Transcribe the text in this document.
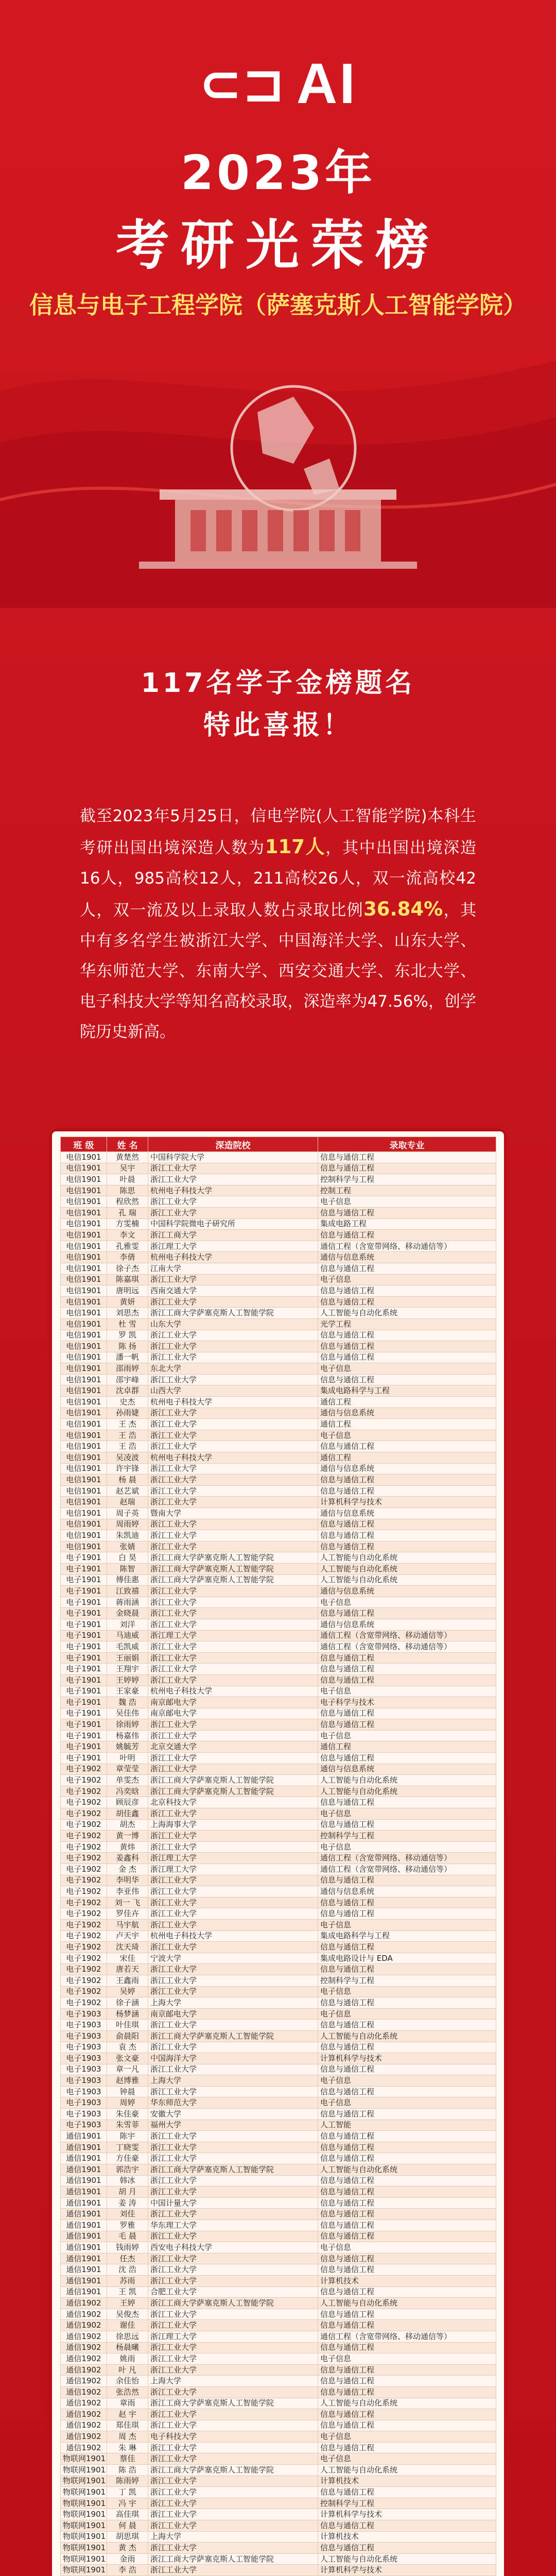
⊂⊐ AI
2023年
考研光荣榜
信息与电子工程学院（萨塞克斯人工智能学院）
117名学子金榜题名
特此喜报！
截至2023年5月25日，信电学院(人工智能学院)本科生考研出国出境深造人数为117人，其中出国出境深造16人，985高校12人，211高校26人，双一流高校42人，双一流及以上录取人数占录取比例36.84%，其中有多名学生被浙江大学、中国海洋大学、山东大学、华东师范大学、东南大学、西安交通大学、东北大学、电子科技大学等知名高校录取，深造率为47.56%，创学院历史新高。
班 级	姓 名	深造院校	录取专业
电信1901	黄楚然	中国科学院大学	信息与通信工程
电信1901	吴宇	浙江工业大学	信息与通信工程
电信1901	叶晨	浙江工业大学	控制科学与工程
电信1901	陈思	杭州电子科技大学	控制工程
电信1901	程欣然	浙江工业大学	电子信息
电信1901	孔 瑞	浙江工业大学	信息与通信工程
电信1901	方雯楠	中国科学院微电子研究所	集成电路工程
电信1901	李文	浙江工商大学	信息与通信工程
电信1901	孔雅雯	浙江理工大学	通信工程（含宽带网络、移动通信等）
电信1901	李倩	杭州电子科技大学	通信与信息系统
电信1901	徐子杰	江南大学	信息与通信工程
电信1901	陈嘉琪	浙江工业大学	电子信息
电信1901	唐明远	西南交通大学	信息与通信工程
电信1901	黄妍	浙江工业大学	信息与通信工程
电信1901	刘思杰	浙江工商大学萨塞克斯人工智能学院	人工智能与自动化系统
电信1901	杜 雪	山东大学	光学工程
电信1901	罗 凯	浙江工业大学	信息与通信工程
电信1901	陈 扬	浙江工业大学	信息与通信工程
电信1901	潘一帆	浙江工业大学	信息与通信工程
电信1901	邵雨婷	东北大学	电子信息
电信1901	邵宇峰	浙江工业大学	信息与通信工程
电信1901	沈卓群	山西大学	集成电路科学与工程
电信1901	史杰	杭州电子科技大学	通信工程
电信1901	孙雨婕	浙江工业大学	通信与信息系统
电信1901	王 杰	浙江工业大学	通信工程
电信1901	王 浩	浙江工业大学	电子信息
电信1901	王 浩	浙江工业大学	信息与通信工程
电信1901	吴凌波	杭州电子科技大学	通信工程
电信1901	许宇锋	浙江工业大学	通信与信息系统
电信1901	杨 晨	浙江工业大学	信息与通信工程
电信1901	赵艺斌	浙江工业大学	信息与通信工程
电信1901	赵瑞	浙江工业大学	计算机科学与技术
电信1901	周子英	暨南大学	通信与信息系统
电信1901	周雨婷	浙江工业大学	信息与通信工程
电信1901	朱凯迪	浙江工业大学	信息与通信工程
电信1901	张婧	浙江工业大学	信息与通信工程
电子1901	白 昊	浙江工商大学萨塞克斯人工智能学院	人工智能与自动化系统
电子1901	陈智	浙江工商大学萨塞克斯人工智能学院	人工智能与自动化系统
电子1901	傅佳惠	浙江工商大学萨塞克斯人工智能学院	人工智能与自动化系统
电子1901	江致禧	浙江工业大学	通信与信息系统
电子1901	蒋雨涵	浙江工业大学	电子信息
电子1901	金晓晨	浙江工业大学	信息与通信工程
电子1901	刘洋	浙江工业大学	通信与信息系统
电子1901	马迪威	浙江理工大学	通信工程（含宽带网络、移动通信等）
电子1901	毛凯威	浙江工业大学	通信工程（含宽带网络、移动通信等）
电子1901	王丽娟	浙江工业大学	信息与通信工程
电子1901	王翔宇	浙江工业大学	信息与通信工程
电子1901	王婷婷	浙江工业大学	信息与通信工程
电子1901	王家豪	杭州电子科技大学	电子信息
电子1901	魏 浩	南京邮电大学	电子科学与技术
电子1901	吴佳伟	南京邮电大学	信息与通信工程
电子1901	徐雨婷	浙江工业大学	信息与通信工程
电子1901	杨嘉伟	浙江工业大学	电子信息
电子1901	姚毓芳	北京交通大学	通信工程
电子1901	叶明	浙江工业大学	信息与通信工程
电子1902	章莹莹	浙江工业大学	通信与信息系统
电子1902	单雯杰	浙江工商大学萨塞克斯人工智能学院	人工智能与自动化系统
电子1902	冯奕晗	浙江工商大学萨塞克斯人工智能学院	人工智能与自动化系统
电子1902	顾辰彦	北京科技大学	信息与通信工程
电子1902	胡佳鑫	浙江工业大学	电子信息
电子1902	胡杰	上海海事大学	信息与通信工程
电子1902	黄一博	浙江工业大学	控制科学与工程
电子1902	黄炜	浙江工业大学	电子信息
电子1902	姜鑫科	浙江理工大学	通信工程（含宽带网络、移动通信等）
电子1902	金 杰	浙江理工大学	通信工程（含宽带网络、移动通信等）
电子1902	李明华	浙江工业大学	信息与通信工程
电子1902	李亚伟	浙江工业大学	通信与信息系统
电子1902	刘一 飞	浙江工业大学	信息与通信工程
电子1902	罗佳卉	浙江工业大学	信息与通信工程
电子1902	马宇航	浙江工业大学	电子信息
电子1902	卢天宇	杭州电子科技大学	集成电路科学与工程
电子1902	沈天琦	浙江工业大学	信息与通信工程
电子1902	宋佳	宁波大学	集成电路设计与 EDA
电子1902	唐若天	浙江工业大学	信息与通信工程
电子1902	王鑫雨	浙江工业大学	控制科学与工程
电子1902	吴婷	浙江工业大学	电子信息
电子1902	徐子涵	上海大学	信息与通信工程
电子1903	杨梦涵	南京邮电大学	电子信息
电子1903	叶佳琪	浙江工业大学	信息与通信工程
电子1903	俞晨阳	浙江工商大学萨塞克斯人工智能学院	人工智能与自动化系统
电子1903	袁 杰	浙江工业大学	信息与通信工程
电子1903	张文豪	中国海洋大学	计算机科学与技术
电子1903	章一凡	浙江工业大学	信息与通信工程
电子1903	赵博雅	上海大学	电子信息
电子1903	钟晨	浙江工业大学	信息与通信工程
电子1903	周婷	华东师范大学	电子信息
电子1903	朱佳豪	安徽大学	信息与通信工程
电子1903	朱雪菲	福州大学	人工智能
通信1901	陈宇	浙江工业大学	信息与通信工程
通信1901	丁晓雯	浙江工业大学	信息与通信工程
通信1901	方佳豪	浙江工业大学	信息与通信工程
通信1901	郭浩宇	浙江工商大学萨塞克斯人工智能学院	人工智能与自动化系统
通信1901	韩冰	浙江工业大学	信息与通信工程
通信1901	胡 月	浙江工业大学	信息与通信工程
通信1901	姜 涛	中国计量大学	信息与通信工程
通信1901	刘佳	浙江工业大学	信息与通信工程
通信1901	罗雅	华东理工大学	信息与通信工程
通信1901	毛 晨	浙江工业大学	信息与通信工程
通信1901	钱雨婷	西安电子科技大学	电子信息
通信1901	任杰	浙江工业大学	信息与通信工程
通信1901	沈 浩	浙江工业大学	信息与通信工程
通信1901	苏雨	浙江工业大学	计算机技术
通信1901	王 凯	合肥工业大学	信息与通信工程
通信1902	王婷	浙江工商大学萨塞克斯人工智能学院	人工智能与自动化系统
通信1902	吴俊杰	浙江工业大学	信息与通信工程
通信1902	谢佳	浙江工业大学	信息与通信工程
通信1902	徐思远	浙江理工大学	通信工程（含宽带网络、移动通信等）
通信1902	杨晨曦	浙江工业大学	信息与通信工程
通信1902	姚雨	浙江工业大学	电子信息
通信1902	叶 凡	浙江工业大学	信息与通信工程
通信1902	余佳怡	上海大学	信息与通信工程
通信1902	张浩然	浙江工业大学	信息与通信工程
通信1902	章雨	浙江工商大学萨塞克斯人工智能学院	人工智能与自动化系统
通信1902	赵 宇	浙江工业大学	信息与通信工程
通信1902	郑佳琪	浙江工业大学	信息与通信工程
通信1902	周 杰	电子科技大学	电子信息
通信1902	朱 琳	浙江工业大学	信息与通信工程
物联网1901	蔡佳	浙江工业大学	电子信息
物联网1901	陈 浩	浙江工商大学萨塞克斯人工智能学院	人工智能与自动化系统
物联网1901	陈雨婷	浙江工业大学	计算机技术
物联网1901	丁 凯	浙江工业大学	信息与通信工程
物联网1901	冯 宇	浙江工业大学	控制科学与工程
物联网1901	高佳琪	浙江工业大学	计算机科学与技术
物联网1901	何 晨	浙江工业大学	信息与通信工程
物联网1901	胡思琪	上海大学	计算机技术
物联网1901	黄 杰	浙江工业大学	信息与通信工程
物联网1901	金雨	浙江工商大学萨塞克斯人工智能学院	人工智能与自动化系统
物联网1901	李 浩	浙江工业大学	计算机科学与技术
